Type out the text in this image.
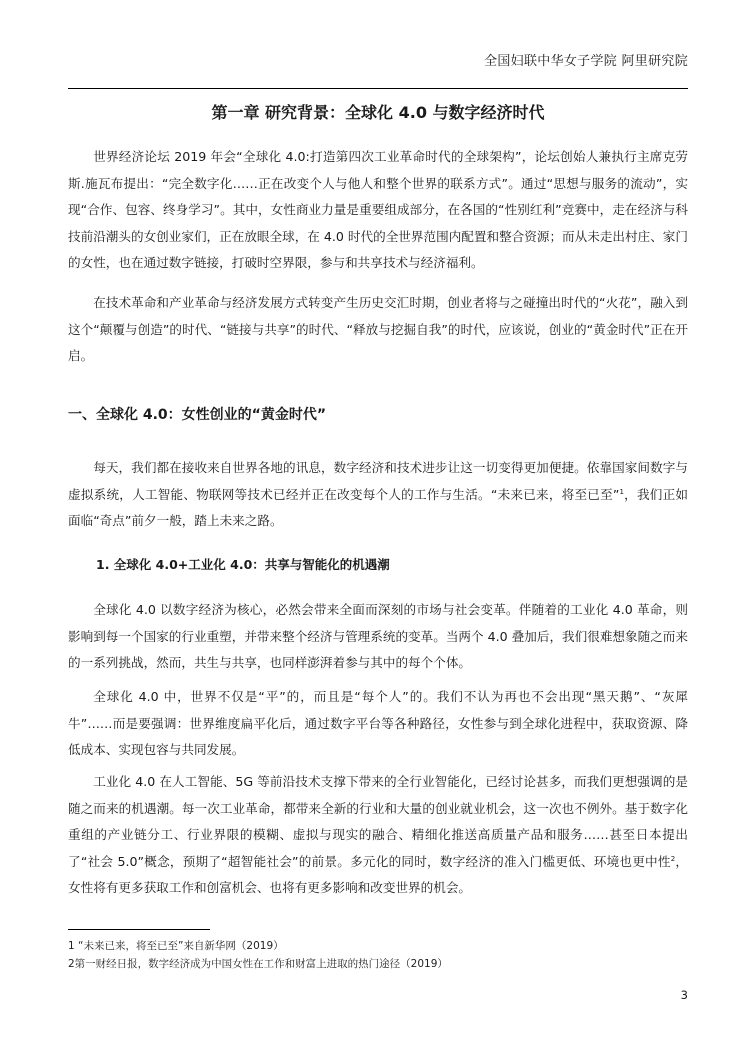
全国妇联中华女子学院 阿里研究院
第一章 研究背景：全球化 4.0 与数字经济时代

世界经济论坛 2019 年会“全球化 4.0:打造第四次工业革命时代的全球架构”，论坛创始人兼执行主席克劳斯.施瓦布提出：“完全数字化……正在改变个人与他人和整个世界的联系方式”。通过“思想与服务的流动”，实现“合作、包容、终身学习”。其中，女性商业力量是重要组成部分，在各国的“性别红利”竞赛中，走在经济与科技前沿潮头的女创业家们，正在放眼全球，在 4.0 时代的全世界范围内配置和整合资源；而从未走出村庄、家门的女性，也在通过数字链接，打破时空界限，参与和共享技术与经济福利。

在技术革命和产业革命与经济发展方式转变产生历史交汇时期，创业者将与之碰撞出时代的“火花”，融入到这个“颠覆与创造”的时代、“链接与共享”的时代、“释放与挖掘自我”的时代，应该说，创业的“黄金时代”正在开启。

一、全球化 4.0：女性创业的“黄金时代”

每天，我们都在接收来自世界各地的讯息，数字经济和技术进步让这一切变得更加便捷。依靠国家间数字与虚拟系统，人工智能、物联网等技术已经并正在改变每个人的工作与生活。“未来已来，将至已至”$^1$，我们正如面临“奇点”前夕一般，踏上未来之路。

1. 全球化 4.0+工业化 4.0：共享与智能化的机遇潮

全球化 4.0 以数字经济为核心，必然会带来全面而深刻的市场与社会变革。伴随着的工业化 4.0 革命，则影响到每一个国家的行业重塑，并带来整个经济与管理系统的变革。当两个 4.0 叠加后，我们很难想象随之而来的一系列挑战，然而，共生与共享，也同样澎湃着参与其中的每个个体。

全球化 4.0 中，世界不仅是“平”的，而且是“每个人”的。我们不认为再也不会出现“黑天鹅”、“灰犀牛”……而是要强调：世界维度扁平化后，通过数字平台等各种路径，女性参与到全球化进程中，获取资源、降低成本、实现包容与共同发展。

工业化 4.0 在人工智能、5G 等前沿技术支撑下带来的全行业智能化，已经讨论甚多，而我们更想强调的是随之而来的机遇潮。每一次工业革命，都带来全新的行业和大量的创业就业机会，这一次也不例外。基于数字化重组的产业链分工、行业界限的模糊、虚拟与现实的融合、精细化推送高质量产品和服务……甚至日本提出了“社会 5.0”概念，预期了“超智能社会”的前景。多元化的同时，数字经济的准入门槛更低、环境也更中性$^2$，女性将有更多获取工作和创富机会、也将有更多影响和改变世界的机会。

1 “未来已来，将至已至”来自新华网（2019）
2第一财经日报，数字经济成为中国女性在工作和财富上进取的热门途径（2019）
3
